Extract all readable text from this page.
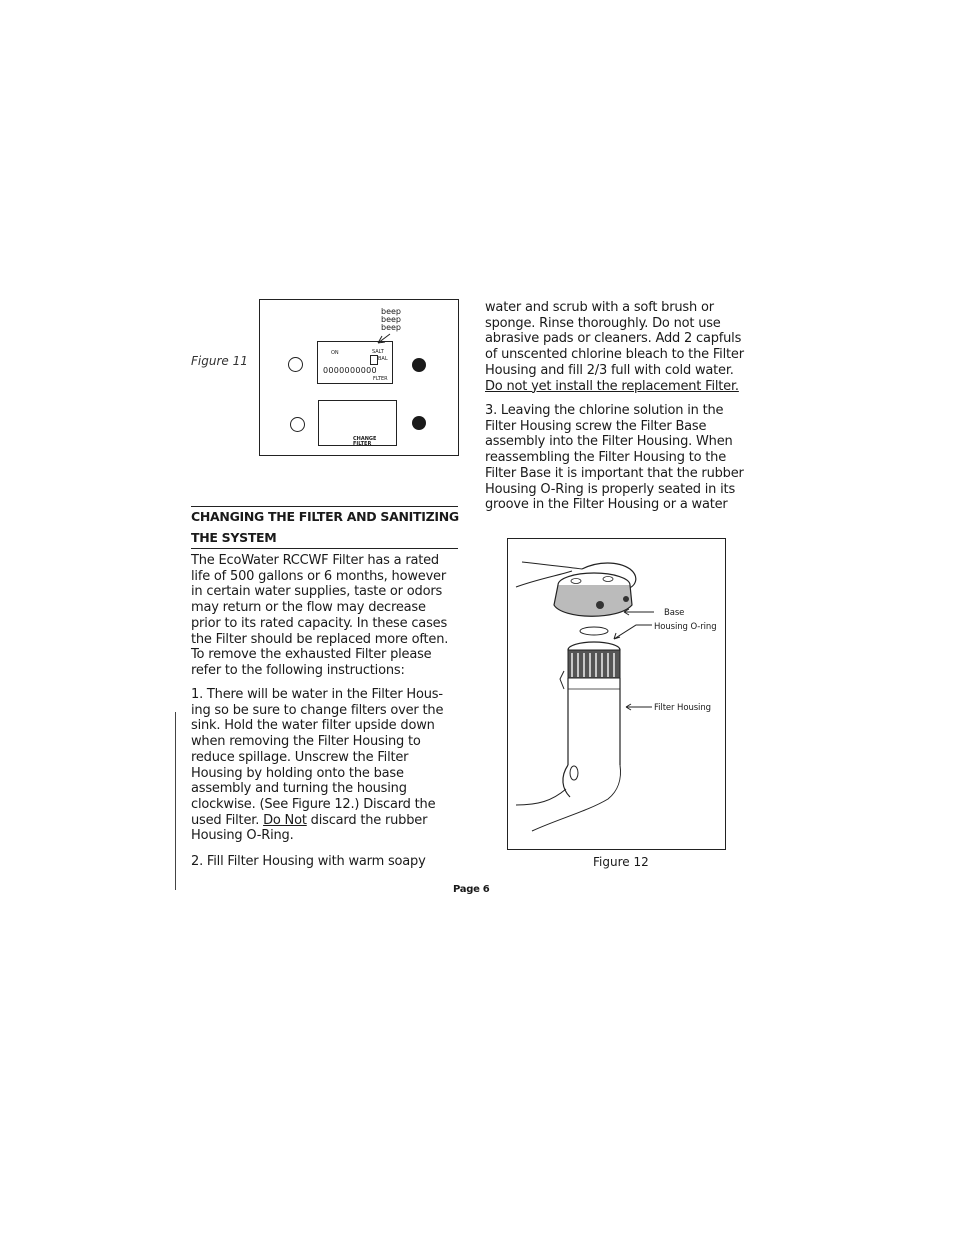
Figure 11
beep
beep
beep
ON	SALT
BAL
0000000000
FLTER
CHANGE FILTER
CHANGING THE FILTER AND SANITIZING
THE SYSTEM
The EcoWater RCCWF Filter has a rated
life of 500 gallons or 6 months, however
in certain water supplies, taste or odors
may return or the flow may decrease
prior to its rated capacity. In these cases
the Filter should be replaced more often.
To remove the exhausted Filter please
refer to the following instructions:
1. There will be water in the Filter Hous-
ing so be sure to change filters over the
sink. Hold the water filter upside down
when removing the Filter Housing to
reduce spillage. Unscrew the Filter
Housing by holding onto the base
assembly and turning the housing
clockwise. (See Figure 12.) Discard the
used Filter. Do Not discard the rubber
Housing O-Ring.
2. Fill Filter Housing with warm soapy
water and scrub with a soft brush or
sponge. Rinse thoroughly. Do not use
abrasive pads or cleaners. Add 2 capfuls
of unscented chlorine bleach to the Filter
Housing and fill 2/3 full with cold water.
Do not yet install the replacement Filter.
3. Leaving the chlorine solution in the
Filter Housing screw the Filter Base
assembly into the Filter Housing. When
reassembling the Filter Housing to the
Filter Base it is important that the rubber
Housing O-Ring is properly seated in its
groove in the Filter Housing or a water
Base
Housing O-ring
Filter Housing
Figure 12
Page 6
